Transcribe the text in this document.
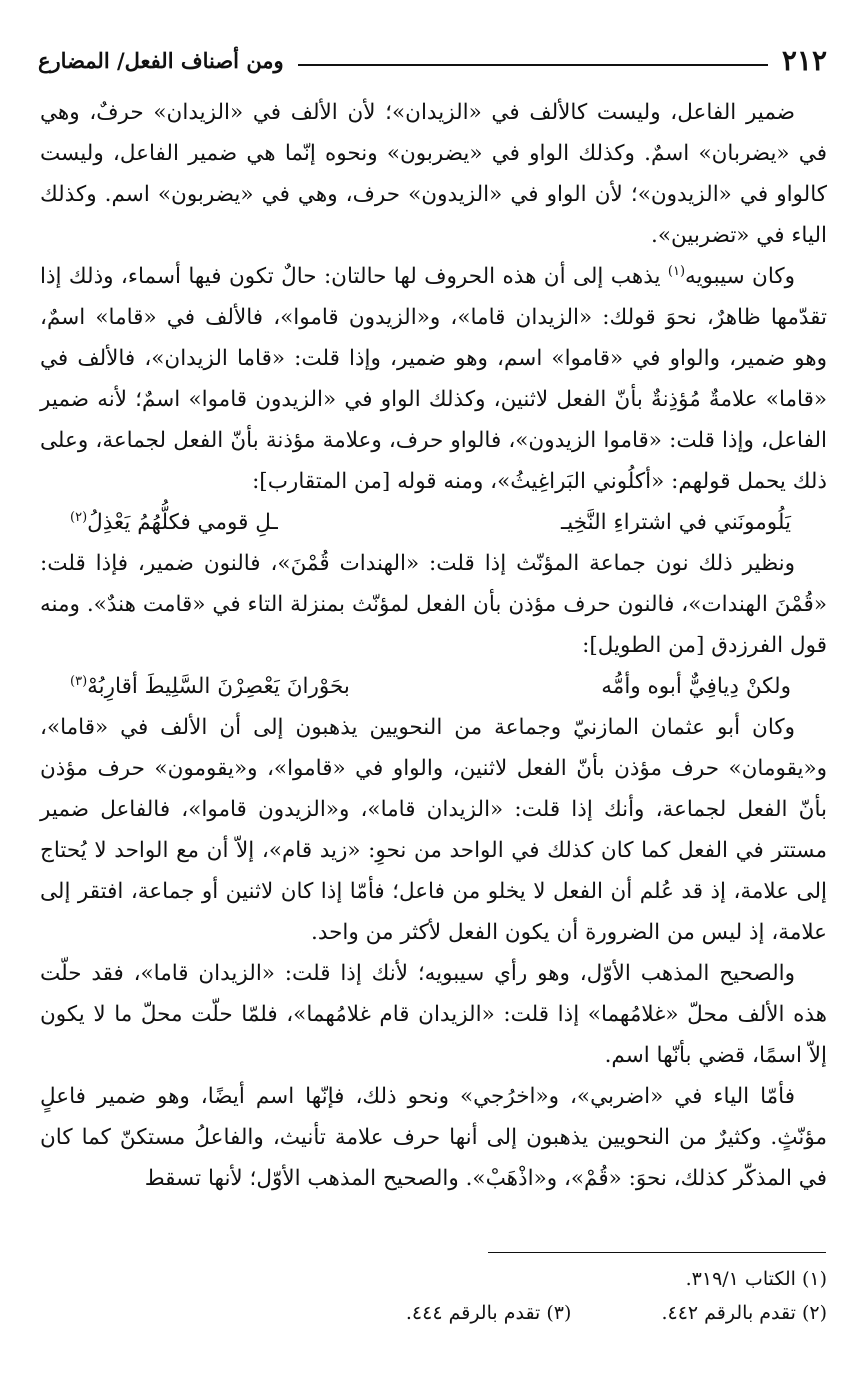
٢١٢
ومن أصناف الفعل/ المضارع

ضمير الفاعل، وليست كالألف في «الزيدان»؛ لأن الألف في «الزيدان» حرفٌ، وهي في «يضربان» اسمٌ. وكذلك الواو في «يضربون» ونحوه إنّما هي ضمير الفاعل، وليست كالواو في «الزيدون»؛ لأن الواو في «الزيدون» حرف، وهي في «يضربون» اسم. وكذلك الياء في «تضربين».

وكان سيبويه$^{(١)}$ يذهب إلى أن هذه الحروف لها حالتان: حالٌ تكون فيها أسماء، وذلك إذا تقدّمها ظاهرٌ، نحوَ قولك: «الزيدان قاما»، و«الزيدون قاموا»، فالألف في «قاما» اسمٌ، وهو ضمير، والواو في «قاموا» اسم، وهو ضمير، وإذا قلت: «قاما الزيدان»، فالألف في «قاما» علامةٌ مُؤذِنةٌ بأنّ الفعل لاثنين، وكذلك الواو في «الزيدون قاموا» اسمٌ؛ لأنه ضمير الفاعل، وإذا قلت: «قاموا الزيدون»، فالواو حرف، وعلامة مؤذنة بأنّ الفعل لجماعة، وعلى ذلك يحمل قولهم: «أكلُوني البَراغِيثُ»، ومنه قوله [من المتقارب]:

يَلُومونَني في اشتراءِ النَّخِيـ
ـلِ قومي فكلُّهُمُ يَعْذِلُ$^{(٢)}$

ونظير ذلك نون جماعة المؤنّث إذا قلت: «الهندات قُمْنَ»، فالنون ضمير، فإذا قلت: «قُمْنَ الهندات»، فالنون حرف مؤذن بأن الفعل لمؤنّث بمنزلة التاء في «قامت هندٌ». ومنه قول الفرزدق [من الطويل]:

ولكنْ دِيافِيٌّ أبوه وأمُّه
بحَوْرانَ يَعْصِرْنَ السَّلِيطَ أقارِبُهْ$^{(٣)}$

وكان أبو عثمان المازنيّ وجماعة من النحويين يذهبون إلى أن الألف في «قاما»، و«يقومان» حرف مؤذن بأنّ الفعل لاثنين، والواو في «قاموا»، و«يقومون» حرف مؤذن بأنّ الفعل لجماعة، وأنك إذا قلت: «الزيدان قاما»، و«الزيدون قاموا»، فالفاعل ضمير مستتر في الفعل كما كان كذلك في الواحد من نحوِ: «زيد قام»، إلاّ أن مع الواحد لا يُحتاج إلى علامة، إذ قد عُلم أن الفعل لا يخلو من فاعل؛ فأمّا إذا كان لاثنين أو جماعة، افتقر إلى علامة، إذ ليس من الضرورة أن يكون الفعل لأكثر من واحد.

والصحيح المذهب الأوّل، وهو رأي سيبويه؛ لأنك إذا قلت: «الزيدان قاما»، فقد حلّت هذه الألف محلّ «غلامُهما» إذا قلت: «الزيدان قام غلامُهما»، فلمّا حلّت محلّ ما لا يكون إلاّ اسمًا، قضي بأنّها اسم.

فأمّا الياء في «اضربي»، و«اخرُجي» ونحو ذلك، فإنّها اسم أيضًا، وهو ضمير فاعلٍ مؤنّثٍ. وكثيرٌ من النحويين يذهبون إلى أنها حرف علامة تأنيث، والفاعلُ مستكنّ كما كان في المذكّر كذلك، نحوَ: «قُمْ»، و«اذْهَبْ». والصحيح المذهب الأوّل؛ لأنها تسقط

(١) الكتاب ٣١٩/١.
(٢) تقدم بالرقم ٤٤٢.
(٣) تقدم بالرقم ٤٤٤.
